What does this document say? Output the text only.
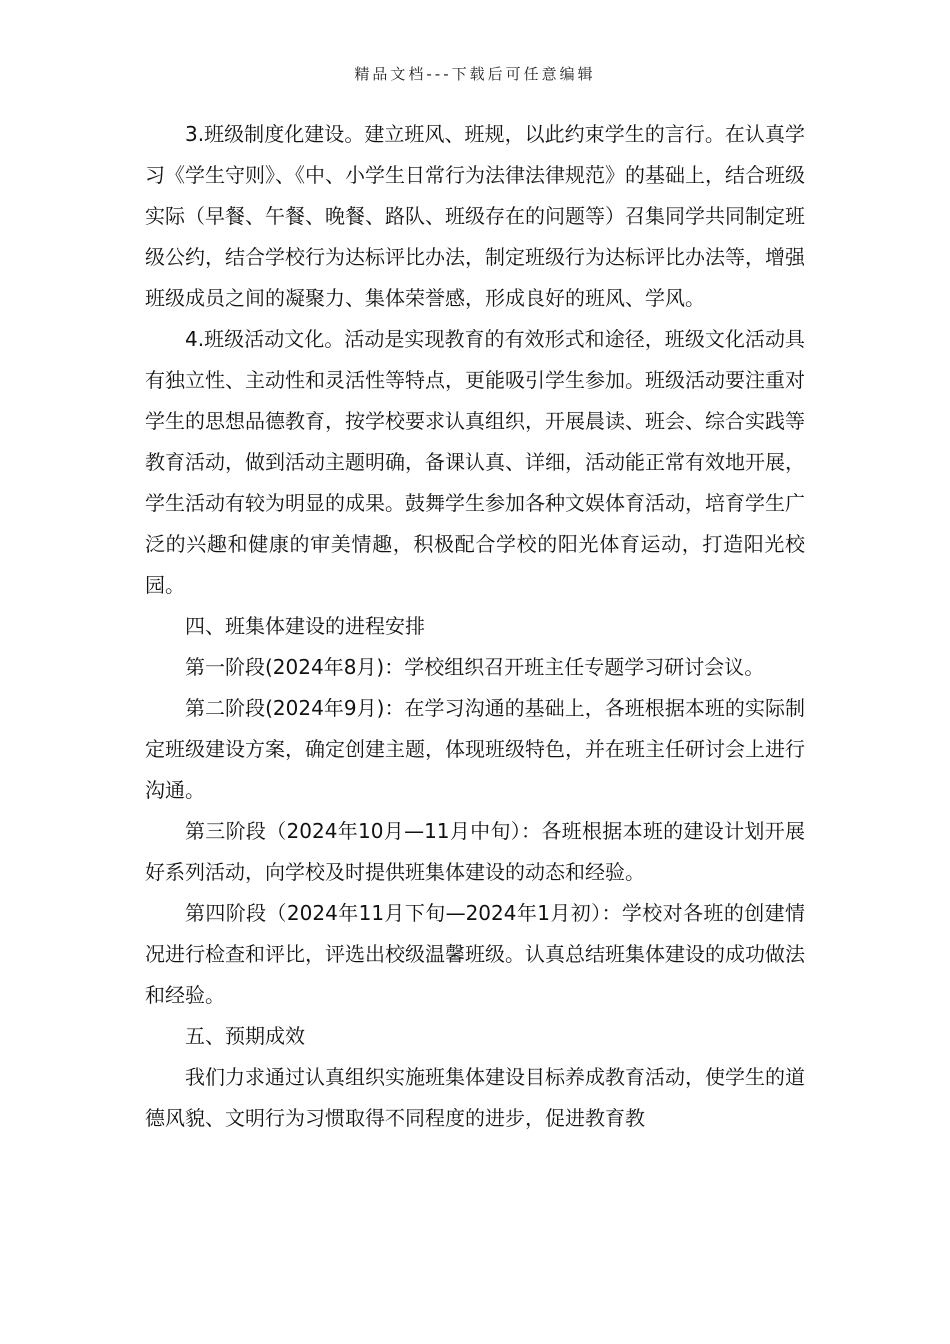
精品文档---下载后可任意编辑

3.班级制度化建设。建立班风、班规，以此约束学生的言行。在认真学习《学生守则》、《中、小学生日常行为法律法律规范》的基础上，结合班级实际（早餐、午餐、晚餐、路队、班级存在的问题等）召集同学共同制定班级公约，结合学校行为达标评比办法，制定班级行为达标评比办法等，增强班级成员之间的凝聚力、集体荣誉感，形成良好的班风、学风。

4.班级活动文化。活动是实现教育的有效形式和途径，班级文化活动具有独立性、主动性和灵活性等特点，更能吸引学生参加。班级活动要注重对学生的思想品德教育，按学校要求认真组织，开展晨读、班会、综合实践等教育活动，做到活动主题明确，备课认真、详细，活动能正常有效地开展，学生活动有较为明显的成果。鼓舞学生参加各种文娱体育活动，培育学生广泛的兴趣和健康的审美情趣，积极配合学校的阳光体育运动，打造阳光校园。

四、班集体建设的进程安排

第一阶段(2024年8月)：学校组织召开班主任专题学习研讨会议。

第二阶段(2024年9月)：在学习沟通的基础上，各班根据本班的实际制定班级建设方案，确定创建主题，体现班级特色，并在班主任研讨会上进行沟通。

第三阶段（2024年10月—11月中旬）：各班根据本班的建设计划开展好系列活动，向学校及时提供班集体建设的动态和经验。

第四阶段（2024年11月下旬—2024年1月初）：学校对各班的创建情况进行检查和评比，评选出校级温馨班级。认真总结班集体建设的成功做法和经验。

五、预期成效

我们力求通过认真组织实施班集体建设目标养成教育活动，使学生的道德风貌、文明行为习惯取得不同程度的进步，促进教育教
